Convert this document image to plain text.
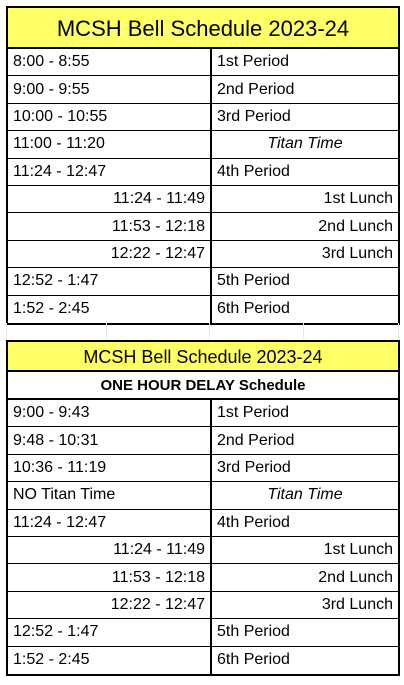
MCSH Bell Schedule 2023-24
8:00 - 8:55	1st Period
9:00 - 9:55	2nd Period
10:00 - 10:55	3rd Period
11:00 - 11:20	Titan Time
11:24 - 12:47	4th Period
11:24 - 11:49	1st Lunch
11:53 - 12:18	2nd Lunch
12:22 - 12:47	3rd Lunch
12:52 - 1:47	5th Period
1:52 - 2:45	6th Period
MCSH Bell Schedule 2023-24
ONE HOUR DELAY Schedule
9:00 - 9:43	1st Period
9:48 - 10:31	2nd Period
10:36 - 11:19	3rd Period
NO Titan Time	Titan Time
11:24 - 12:47	4th Period
11:24 - 11:49	1st Lunch
11:53 - 12:18	2nd Lunch
12:22 - 12:47	3rd Lunch
12:52 - 1:47	5th Period
1:52 - 2:45	6th Period
